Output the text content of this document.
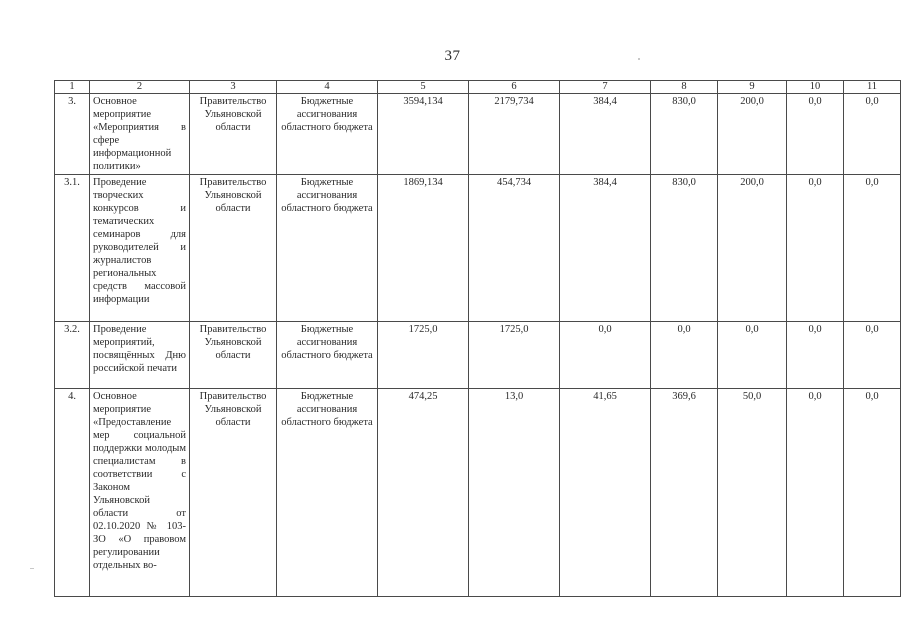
37
1	2	3	4	5	6	7	8	9	10	11
3.	Основное мероприятие «Мероприятия в сфере информационной политики»	Правительство Ульяновской области	Бюджетные ассигнования областного бюджета	3594,134	2179,734	384,4	830,0	200,0	0,0	0,0
3.1.	Проведение творческих конкурсов и тематических семинаров для руководителей и журналистов региональных средств массовой информации	Правительство Ульяновской области	Бюджетные ассигнования областного бюджета	1869,134	454,734	384,4	830,0	200,0	0,0	0,0
3.2.	Проведение мероприятий, посвящённых Дню российской печати	Правительство Ульяновской области	Бюджетные ассигнования областного бюджета	1725,0	1725,0	0,0	0,0	0,0	0,0	0,0
4.	Основное мероприятие «Предоставление мер социальной поддержки молодым специалистам в соответствии с Законом Ульяновской области от 02.10.2020 № 103-ЗО «О правовом регулировании отдельных во-	Правительство Ульяновской области	Бюджетные ассигнования областного бюджета	474,25	13,0	41,65	369,6	50,0	0,0	0,0
